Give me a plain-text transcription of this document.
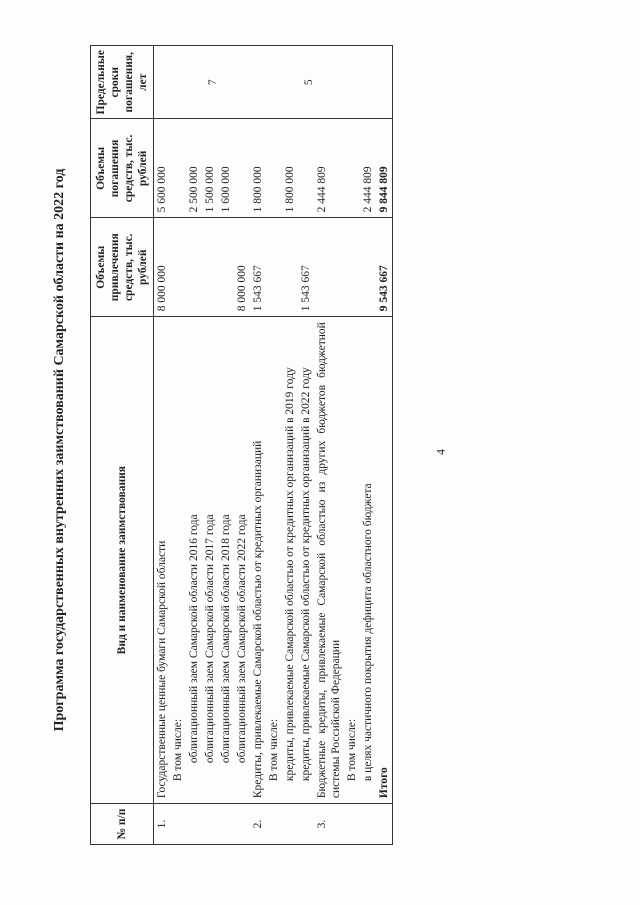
4
Программа государственных внутренних заимствований Самарской области на 2022 год
№ п/п	Вид и наименование заимствования	Объемы привлечения средств, тыс. рублей	Объемы погашения средств, тыс. рублей	Предельные сроки погашения, лет
1.	Государственные ценные бумаги Самарской области	8 000 000	5 600 000	7

	В том числе:			
	облигационный заем Самарской области 2016 года		2 500 000	
	облигационный заем Самарской области 2017 года		1 500 000	
	облигационный заем Самарской области 2018 года		1 600 000	
	облигационный заем Самарской области 2022 года	8 000 000		
2.	Кредиты, привлекаемые Самарской областью от кредитных организаций	1 543 667	1 800 000	5

	В том числе:			
	кредиты, привлекаемые Самарской областью от кредитных организаций в 2019 году		1 800 000	
	кредиты, привлекаемые Самарской областью от кредитных организаций в 2022 году	1 543 667		
3.	Бюджетные кредиты, привлекаемые Самарской областью из других бюджетов бюджетной системы Российской Федерации		2 444 809	
	В том числе:			
	в целях частичного покрытия дефицита областного бюджета		2 444 809	
	Итого	9 543 667	9 844 809	
